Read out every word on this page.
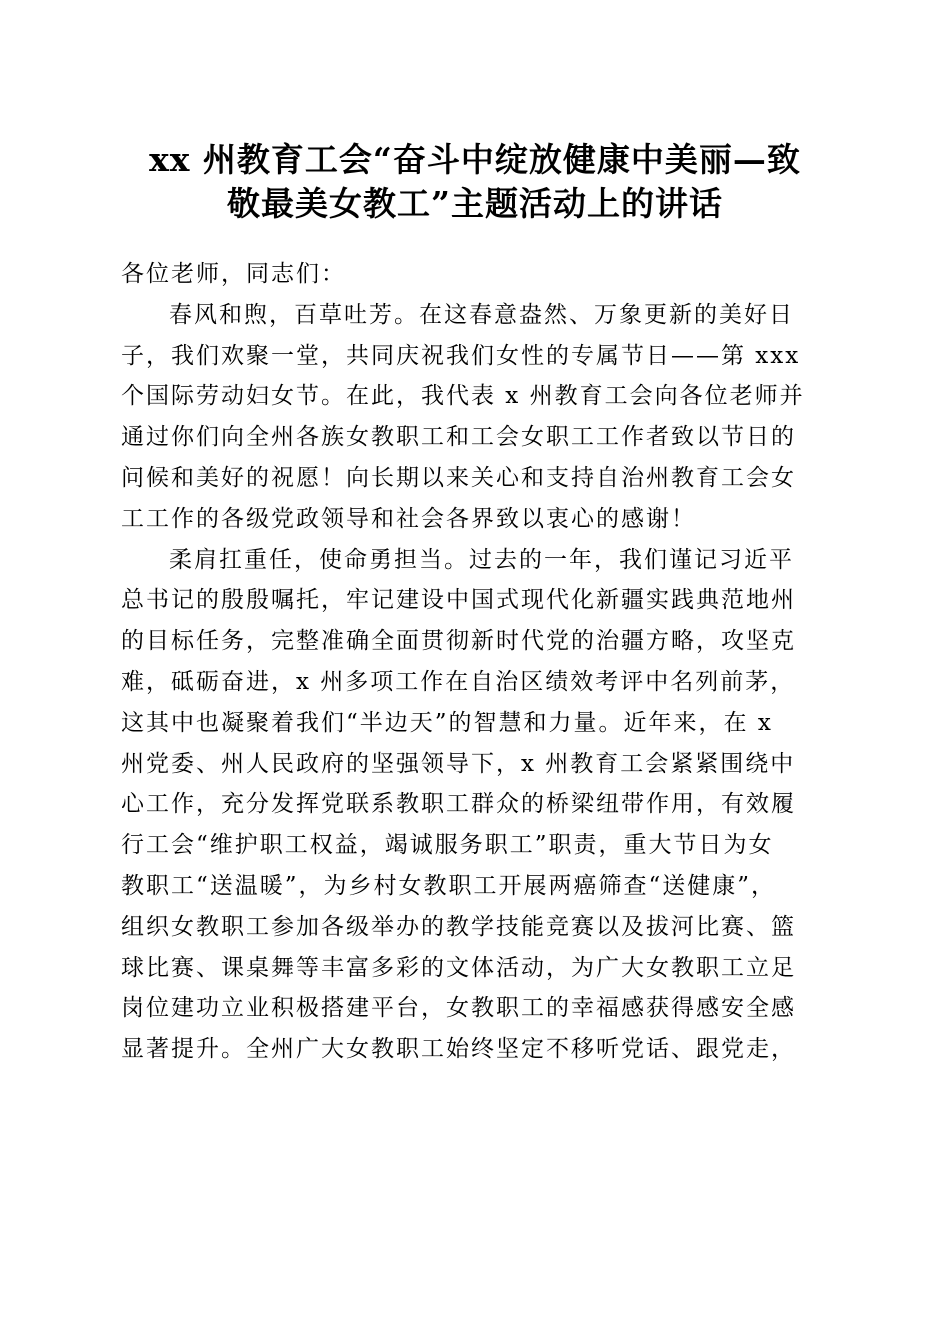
xx 州教育工会“奋斗中绽放健康中美丽—致
敬最美女教工”主题活动上的讲话
各位老师，同志们：
春风和煦，百草吐芳。在这春意盎然、万象更新的美好日
子，我们欢聚一堂，共同庆祝我们女性的专属节日——第 xxx
个国际劳动妇女节。在此，我代表 x 州教育工会向各位老师并
通过你们向全州各族女教职工和工会女职工工作者致以节日的
问候和美好的祝愿！向长期以来关心和支持自治州教育工会女
工工作的各级党政领导和社会各界致以衷心的感谢！
柔肩扛重任，使命勇担当。过去的一年，我们谨记习近平
总书记的殷殷嘱托，牢记建设中国式现代化新疆实践典范地州
的目标任务，完整准确全面贯彻新时代党的治疆方略，攻坚克
难，砥砺奋进，x 州多项工作在自治区绩效考评中名列前茅，
这其中也凝聚着我们“半边天”的智慧和力量。近年来，在 x
州党委、州人民政府的坚强领导下，x 州教育工会紧紧围绕中
心工作，充分发挥党联系教职工群众的桥梁纽带作用，有效履
行工会“维护职工权益，竭诚服务职工”职责，重大节日为女
教职工“送温暖”，为乡村女教职工开展两癌筛查“送健康”，
组织女教职工参加各级举办的教学技能竞赛以及拔河比赛、篮
球比赛、课桌舞等丰富多彩的文体活动，为广大女教职工立足
岗位建功立业积极搭建平台，女教职工的幸福感获得感安全感
显著提升。全州广大女教职工始终坚定不移听党话、跟党走，
